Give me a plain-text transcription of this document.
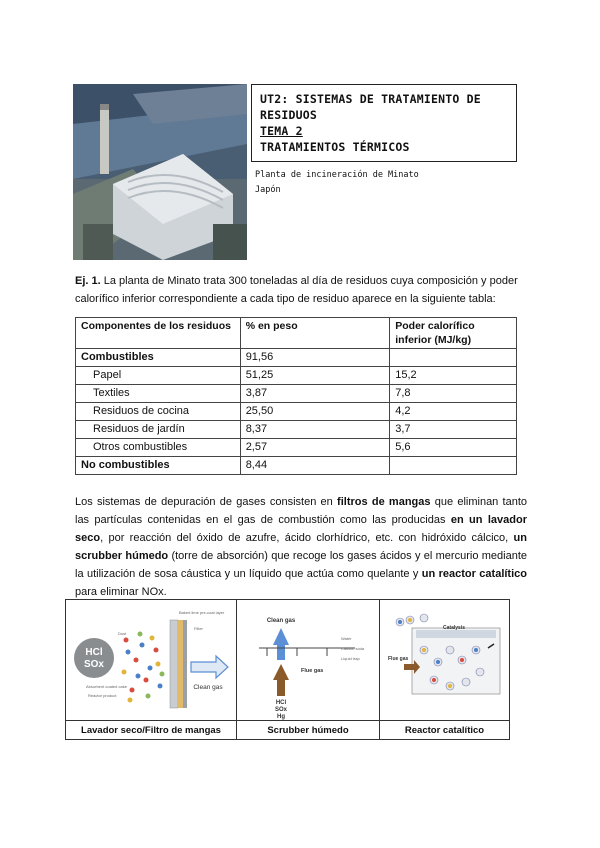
UT2: SISTEMAS DE TRATAMIENTO DE
RESIDUOS
TEMA 2
TRATAMIENTOS TÉRMICOS
Planta de incineración de Minato
Japón
Ej. 1. La planta de Minato trata 300 toneladas al día de residuos cuya composición y poder calorífico inferior correspondiente a cada tipo de residuo aparece en la siguiente tabla:
Componentes de los residuos	% en peso	Poder calorífico inferior (MJ/kg)
Combustibles	91,56	
Papel	51,25	15,2
Textiles	3,87	7,8
Residuos de cocina	25,50	4,2
Residuos de jardín	8,37	3,7
Otros combustibles	2,57	5,6
No combustibles	8,44	
Los sistemas de depuración de gases consisten en filtros de mangas que eliminan tanto las partículas contenidas en el gas de combustión como las producidas en un lavador seco, por reacción del óxido de azufre, ácido clorhídrico, etc. con hidróxido cálcico, un scrubber húmedo (torre de absorción) que recoge los gases ácidos y el mercurio mediante la utilización de sosa cáustica y un líquido que actúa como quelante y un reactor catalítico para eliminar NOx.
HCl
SOx
Clean gas
Dust
Absorbent coated cake
Reactor product
Filter
Baked lime pre-coat layer
Clean gas
Flue gas
HCl
SOx
Hg
Water
Caustic soda
Liquid trap
Catalysis
Flue gas
Lavador seco/Filtro de mangas	Scrubber húmedo	Reactor catalítico
